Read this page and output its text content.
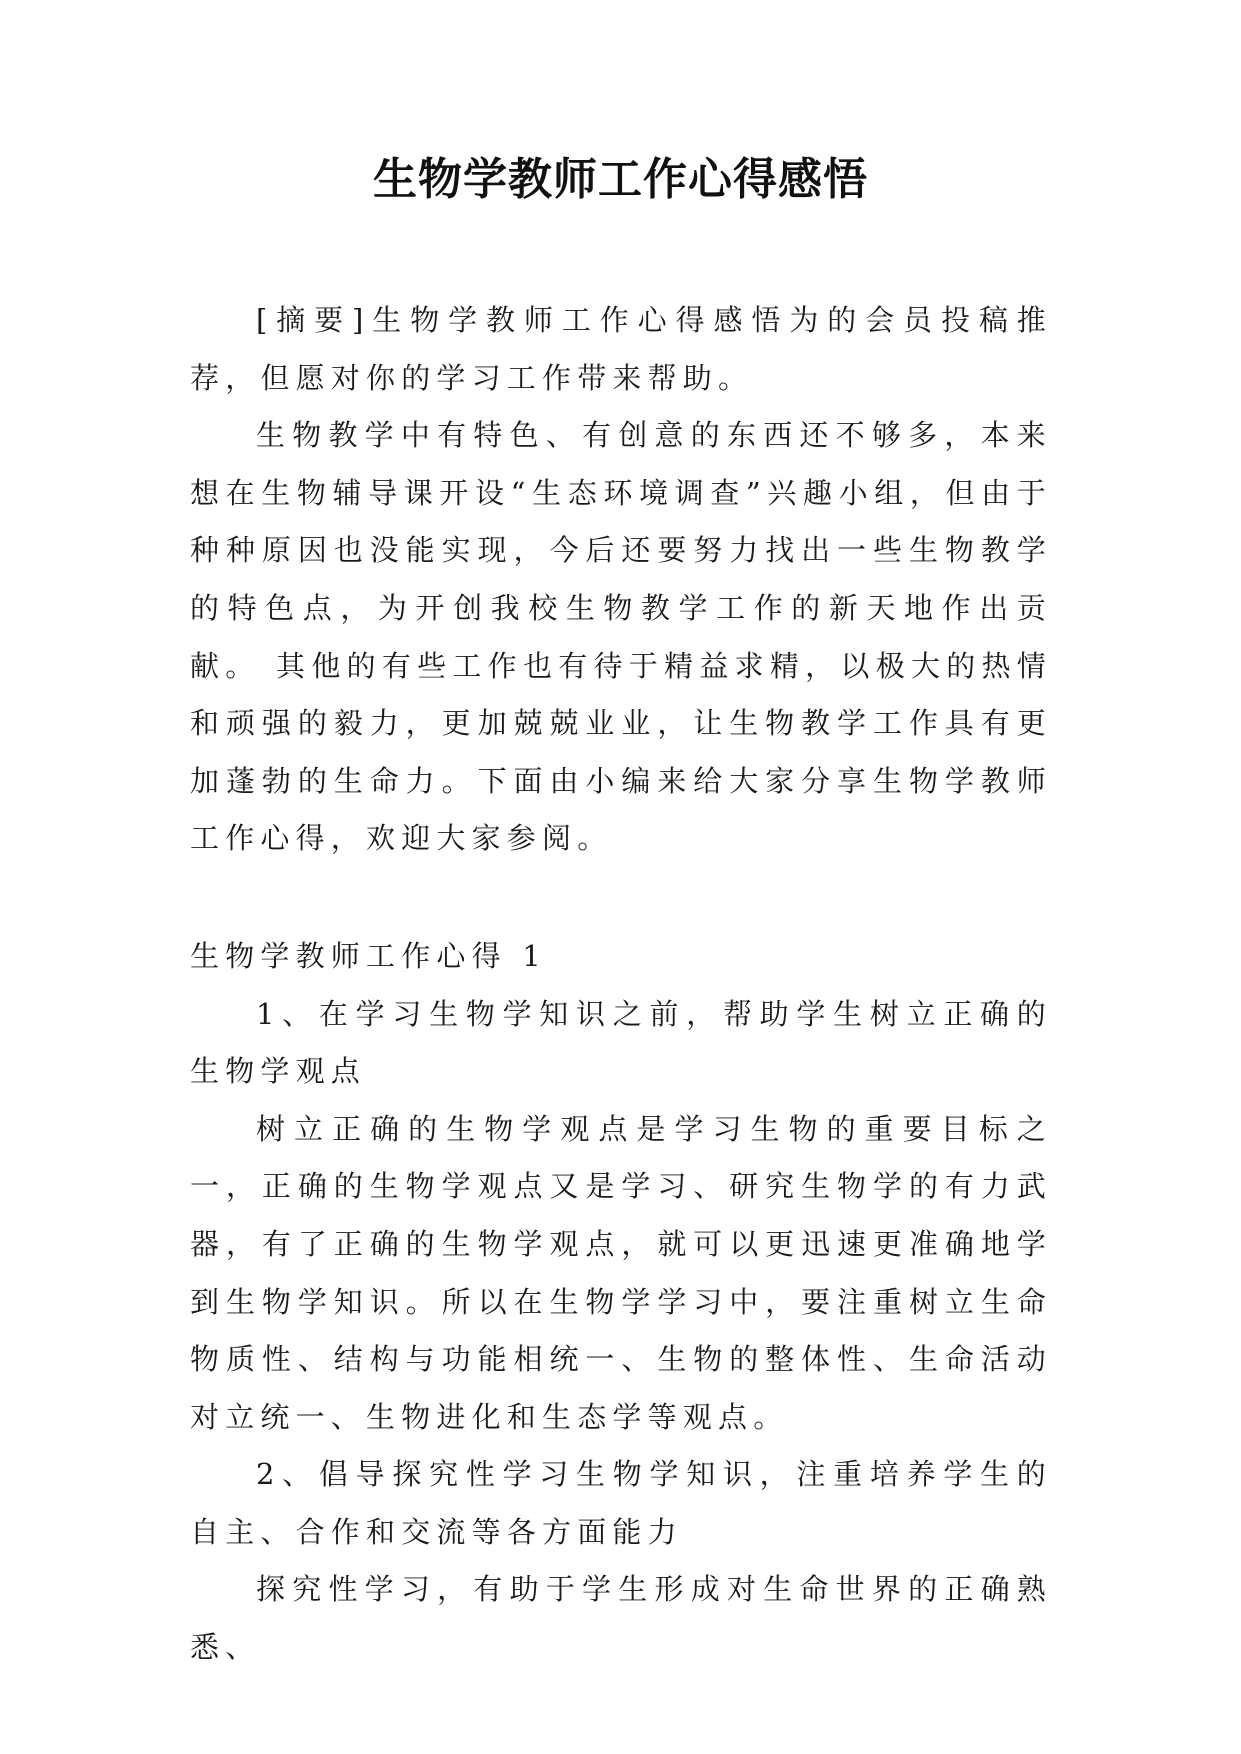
生物学教师工作心得感悟

[摘要]生物学教师工作心得感悟为的会员投稿推荐，但愿对你的学习工作带来帮助。

生物教学中有特色、有创意的东西还不够多，本来想在生物辅导课开设“生态环境调查”兴趣小组，但由于种种原因也没能实现，今后还要努力找出一些生物教学的特色点，为开创我校生物教学工作的新天地作出贡献。 其他的有些工作也有待于精益求精，以极大的热情和顽强的毅力，更加兢兢业业，让生物教学工作具有更加蓬勃的生命力。下面由小编来给大家分享生物学教师工作心得，欢迎大家参阅。

生物学教师工作心得 1

1、在学习生物学知识之前，帮助学生树立正确的生物学观点

树立正确的生物学观点是学习生物的重要目标之一，正确的生物学观点又是学习、研究生物学的有力武器，有了正确的生物学观点，就可以更迅速更准确地学到生物学知识。所以在生物学学习中，要注重树立生命物质性、结构与功能相统一、生物的整体性、生命活动对立统一、生物进化和生态学等观点。

2、倡导探究性学习生物学知识，注重培养学生的自主、合作和交流等各方面能力

探究性学习，有助于学生形成对生命世界的正确熟悉、
